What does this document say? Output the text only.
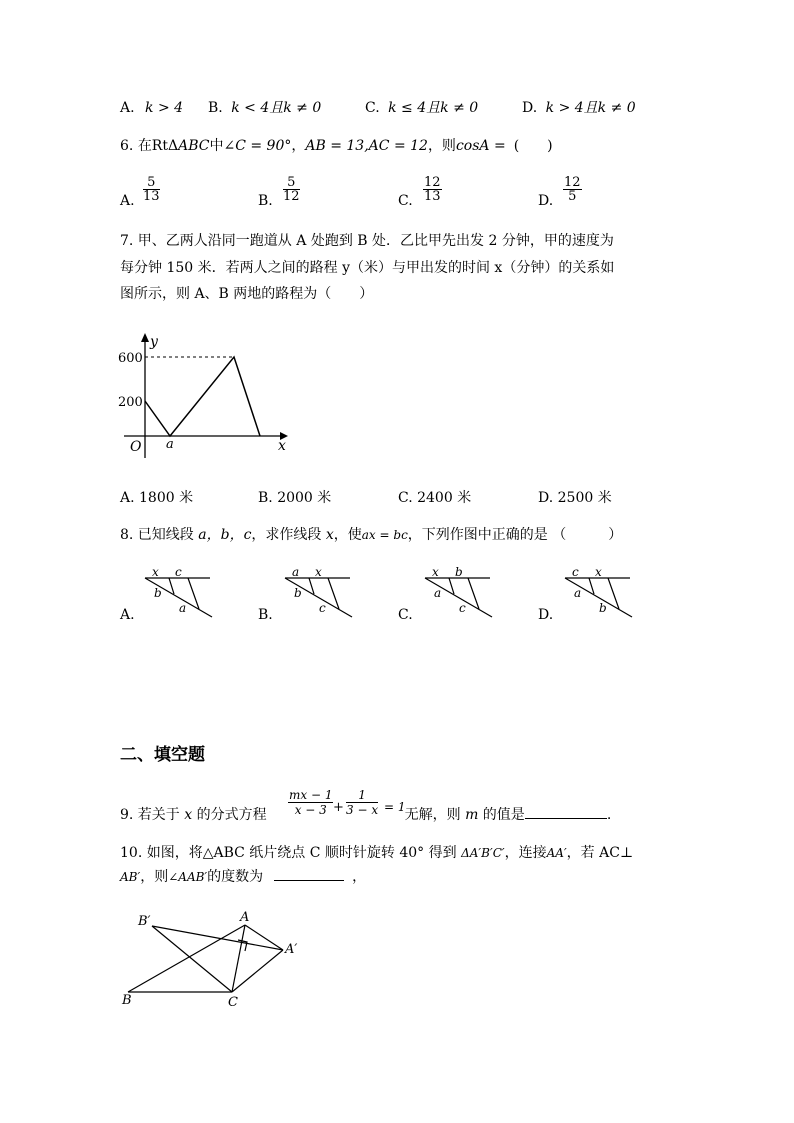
A. k > 4 B. k < 4且k ≠ 0	C. k ≤ 4且k ≠ 0	D. k > 4且k ≠ 0
6. 在RtΔABC中∠C = 90°，AB = 13,AC = 12，则cosA = (　　)
A. $\frac{5}{13}$	B. $\frac{5}{12}$	C. $\frac{12}{13}$	D. $\frac{12}{5}$
7. 甲、乙两人沿同一跑道从 A 处跑到 B 处．乙比甲先出发 2 分钟，甲的速度为
每分钟 150 米．若两人之间的路程 y（米）与甲出发的时间 x（分钟）的关系如
图所示，则 A、B 两地的路程为（　　）
y
x
O
600
200
a
A. 1800 米	B. 2000 米	C. 2400 米	D. 2500 米
8. 已知线段 a，b，c，求作线段 x，使ax = bc，下列作图中正确的是 （　　　）
x c
b
a
a x
b
c
x b
a
c
c x
a
b
A.	B.	C.	D.
二、填空题
9. 若关于 x 的分式方程	无解，则 m 的值是	.
$\frac{mx - 1}{x - 3} + \frac{1}{3 - x} = 1$
10. 如图，将△ABC 纸片绕点 C 顺时针旋转 40° 得到 ΔA′B′C′，连接AA′，若 AC⊥
AB′，则∠AAB′的度数为	，
B′	A
A′
B	C
